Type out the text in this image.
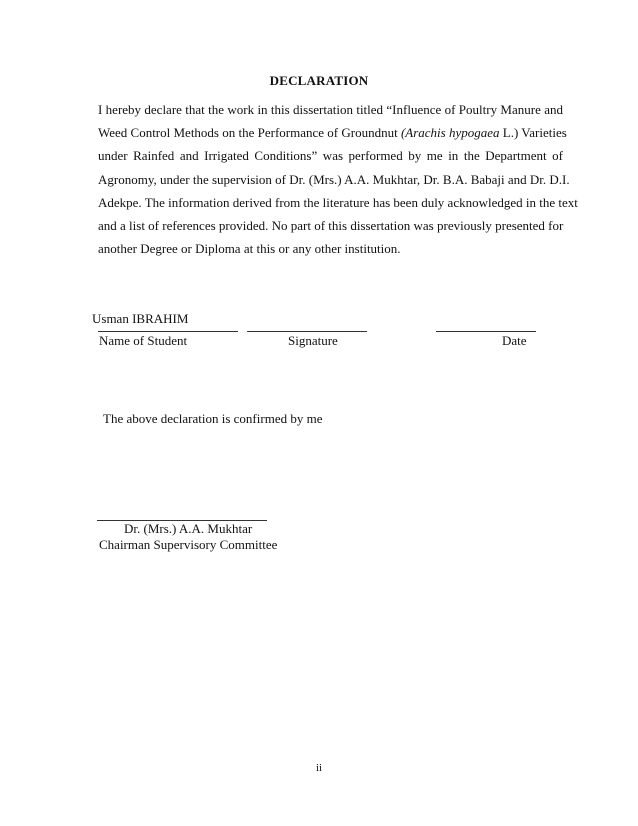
DECLARATION
I hereby declare that the work in this dissertation titled “Influence of Poultry Manure and
Weed Control Methods on the Performance of Groundnut (Arachis hypogaea L.) Varieties
under Rainfed and Irrigated Conditions” was performed by me in the Department of
Agronomy, under the supervision of Dr. (Mrs.) A.A. Mukhtar, Dr. B.A. Babaji and Dr. D.I.
Adekpe. The information derived from the literature has been duly acknowledged in the text
and a list of references provided. No part of this dissertation was previously presented for
another Degree or Diploma at this or any other institution.
Usman IBRAHIM
Name of Student	Signature	Date
The above declaration is confirmed by me
Dr. (Mrs.) A.A. Mukhtar
Chairman Supervisory Committee
ii
